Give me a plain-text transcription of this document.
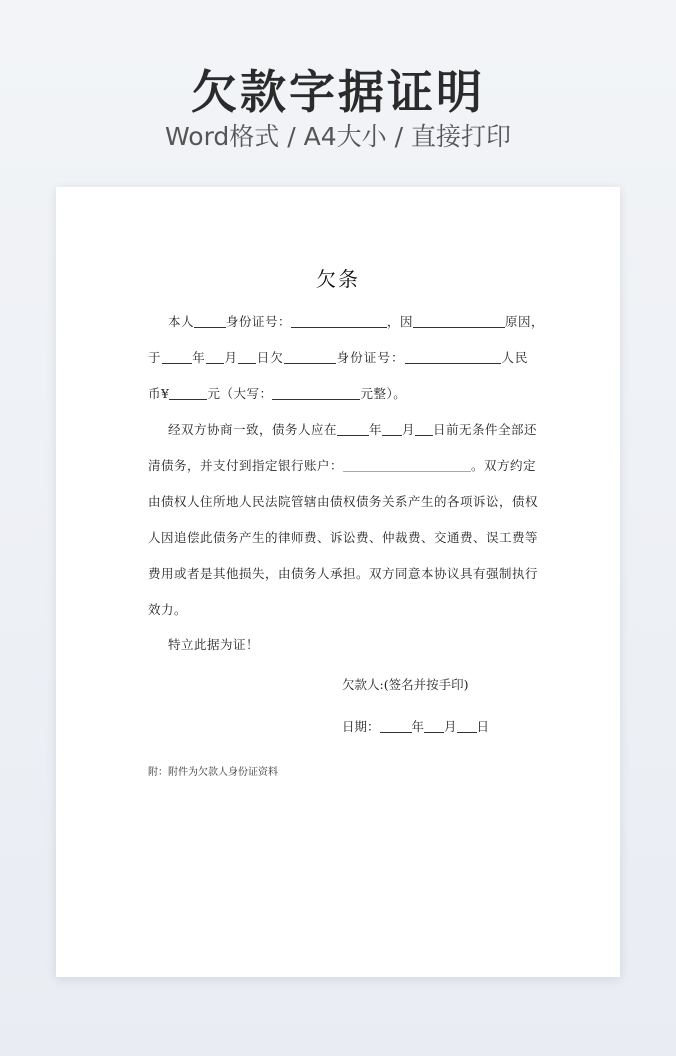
欠款字据证明
Word格式 / A4大小 / 直接打印
欠条
本人	身份证号：	，因	原因，
于 年 月 日欠	身份证号：	人民
币¥	元（大写：	元整）。
经双方协商一致，债务人应在	年 月 日前无条件全部还
清债务，并支付到指定银行账户：	。双方约定
由债权人住所地人民法院管辖由债权债务关系产生的各项诉讼，债权
人因追偿此债务产生的律师费、诉讼费、仲裁费、交通费、误工费等
费用或者是其他损失，由债务人承担。双方同意本协议具有强制执行
效力。
特立此据为证！
欠款人:(签名并按手印)
日期：	年 月 日
附：附件为欠款人身份证资料
